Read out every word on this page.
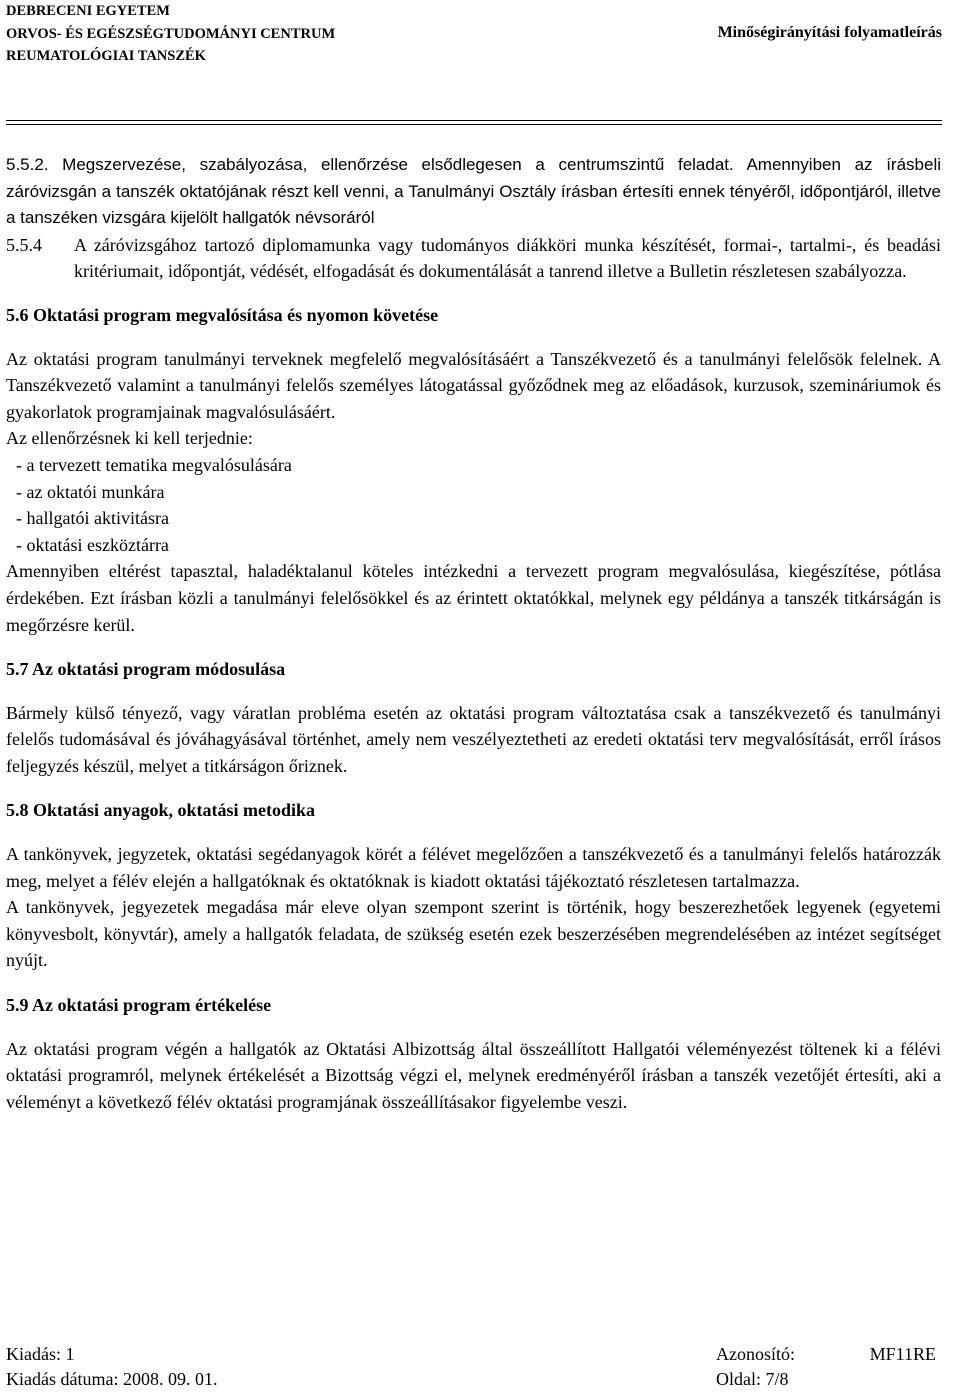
DEBRECENI EGYETEM
ORVOS- ÉS EGÉSZSÉGTUDOMÁNYI CENTRUM
REUMATOLÓGIAI TANSZÉK
Minőségirányítási folyamatleírás

5.5.2. Megszervezése, szabályozása, ellenőrzése elsődlegesen a centrumszintű feladat. Amennyiben az írásbeli záróvizsgán a tanszék oktatójának részt kell venni, a Tanulmányi Osztály írásban értesíti ennek tényéről, időpontjáról, illetve a tanszéken vizsgára kijelölt hallgatók névsoráról

5.5.4 A záróvizsgához tartozó diplomamunka vagy tudományos diákköri munka készítését, formai-, tartalmi-, és beadási kritériumait, időpontját, védését, elfogadását és dokumentálását a tanrend illetve a Bulletin részletesen szabályozza.

5.6 Oktatási program megvalósítása és nyomon követése

Az oktatási program tanulmányi terveknek megfelelő megvalósításáért a Tanszékvezető és a tanulmányi felelősök felelnek. A Tanszékvezető valamint a tanulmányi felelős személyes látogatással győződnek meg az előadások, kurzusok, szemináriumok és gyakorlatok programjainak magvalósulásáért.

Az ellenőrzésnek ki kell terjednie:

- a tervezett tematika megvalósulására

- az oktatói munkára

- hallgatói aktivitásra

- oktatási eszköztárra

Amennyiben eltérést tapasztal, haladéktalanul köteles intézkedni a tervezett program megvalósulása, kiegészítése, pótlása érdekében. Ezt írásban közli a tanulmányi felelősökkel és az érintett oktatókkal, melynek egy példánya a tanszék titkárságán is megőrzésre kerül.

5.7 Az oktatási program módosulása

Bármely külső tényező, vagy váratlan probléma esetén az oktatási program változtatása csak a tanszékvezető és tanulmányi felelős tudomásával és jóváhagyásával történhet, amely nem veszélyeztetheti az eredeti oktatási terv megvalósítását, erről írásos feljegyzés készül, melyet a titkárságon őriznek.

5.8 Oktatási anyagok, oktatási metodika

A tankönyvek, jegyzetek, oktatási segédanyagok körét a félévet megelőzően a tanszékvezető és a tanulmányi felelős határozzák meg, melyet a félév elején a hallgatóknak és oktatóknak is kiadott oktatási tájékoztató részletesen tartalmazza.

A tankönyvek, jegyezetek megadása már eleve olyan szempont szerint is történik, hogy beszerezhetőek legyenek (egyetemi könyvesbolt, könyvtár), amely a hallgatók feladata, de szükség esetén ezek beszerzésében megrendelésében az intézet segítséget nyújt.

5.9 Az oktatási program értékelése

Az oktatási program végén a hallgatók az Oktatási Albizottság által összeállított Hallgatói véleményezést töltenek ki a félévi oktatási programról, melynek értékelését a Bizottság végzi el, melynek eredményéről írásban a tanszék vezetőjét értesíti, aki a véleményt a következő félév oktatási programjának összeállításakor figyelembe veszi.

Kiadás: 1	Azonosító:	MF11RE
Kiadás dátuma: 2008. 09. 01.	Oldal: 7/8
